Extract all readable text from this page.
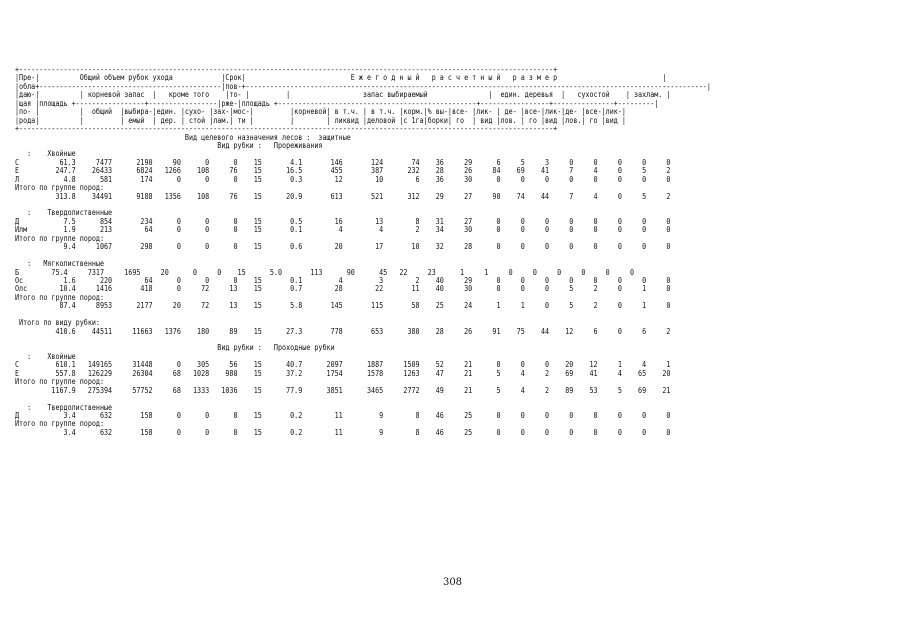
+------------------------------------------------------------------------------------------------------------------------------------+
|Пре-|          Общий объем рубок ухода            |Срок|                          Е ж е г о д н ы й   р а с ч е т н ы й   р а з м е р                          |
|обла+---------------------------------------------|пов-+------------------------------------------------------------------------------------------------------------------|
|даю-|          | корневой запас  |   кроме того    |то- |         |                  запас выбираемый               |  един. деревья  |   сухостой    | захлам. |
|щая |площадь +-----------------+-----------------|рже-|площадь +-------------------------------------------------+-----------------+---------------+---------|
|по- |          |  общий  |выбира-|един. |сухо- |зах-|мос-|         |корневой| в т.ч. | в т.ч. |корм.|% вы-|все- |лик- | де- |все-|лик-|де- |все-|лик-|
|рода|          |         | емый  | дер. | стой |лам.| ти |         |        | ликвид |деловой |с 1га|борки| го  | вид |лов. | го |вид |лов.| го |вид |
+------------------------------------------------------------------------------------------------------------------------------------+
Вид целевого назначения лесов :  защитные
Вид рубки :   Прореживания
:    Хвойные
С          61.3     7477      2190     90      0      0    15       4.1       146       124       74    36     29      6     5     3     0     0     0     0     0
Е         247.7    26433      6824   1266    108     76    15      16.5       455       387      232    28     26     84    69    41     7     4     0     5     2
Л           4.8      581       174      0      0      0    15       0.3        12        10        6    36     30      0     0     0     0     0     0     0     0
Итого по группе пород:
313.8    34491      9188   1356    108     76    15      20.9       613       521      312    29     27     90    74    44     7     4     0     5     2
:    Твердолиственные
Д           7.5      854       234      0      0      0    15       0.5        16        13        8    31     27      0     0     0     0     0     0     0     0
Илм         1.9      213        64      0      0      0    15       0.1         4         4        2    34     30      0     0     0     0     0     0     0     0
Итого по группе пород:
9.4     1067       298      0      0      0    15       0.6        20        17       10    32     28      0     0     0     0     0     0     0     0
:   Мягколиственные
Б        75.4     7317     1695     20      0     0    15      5.0       113      90      45   22     23      1     1     0     0     0     0     0     0
Ос          1.6      220        64      0      0      0    15       0.1         4         3        2    40     29      0     0     0     0     0     0     0     0
Олс        10.4     1416       418      0     72     13    15       0.7        28        22       11    40     30      0     0     0     5     2     0     1     0
Итого по группе пород:
87.4     8953      2177     20     72     13    15       5.8       145       115       58    25     24      1     1     0     5     2     0     1     0
Итого по виду рубки:
410.6    44511     11663   1376    180     89    15      27.3       778       653      380    28     26     91    75    44    12     6     0     6     2
Вид рубки :   Проходные рубки
:    Хвойные
С         610.1   149165     31448      0    305     56    15      40.7      2097      1887     1509    52     21      0     0     0    20    12     1     4     1
Е         557.8   126229     26304     68   1028    980    15      37.2      1754      1578     1263    47     21      5     4     2    69    41     4    65    20
Итого по группе пород:
1167.9   275394     57752     68   1333   1036    15      77.9      3851      3465     2772    49     21      5     4     2    89    53     5    69    21
:    Твердолиственные
Д           3.4      632       158      0      0      0    15       0.2        11         9        8    46     25      0     0     0     0     0     0     0     0
Итого по группе пород:
3.4      632       158      0      0      0    15       0.2        11         9        8    46     25      0     0     0     0     0     0     0     0
308
